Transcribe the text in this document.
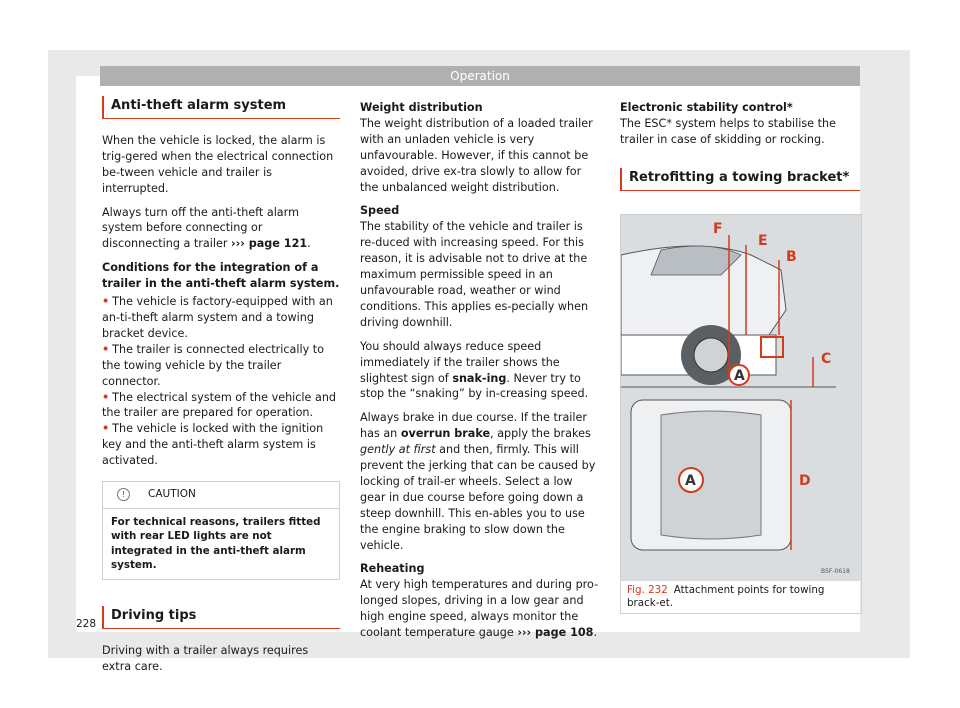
Operation
Anti-theft alarm system

When the vehicle is locked, the alarm is trig-gered when the electrical connection be-tween vehicle and trailer is interrupted.

Always turn off the anti-theft alarm system before connecting or disconnecting a trailer ››› page 121.

Conditions for the integration of a trailer in the anti-theft alarm system.

• The vehicle is factory-equipped with an an-ti-theft alarm system and a towing bracket device.

• The trailer is connected electrically to the towing vehicle by the trailer connector.

• The electrical system of the vehicle and the trailer are prepared for operation.

• The vehicle is locked with the ignition key and the anti-theft alarm system is activated.

!	CAUTION
For technical reasons, trailers fitted with rear LED lights are not integrated in the anti-theft alarm system.
Driving tips

Driving with a trailer always requires extra care.

Weight distribution

The weight distribution of a loaded trailer with an unladen vehicle is very unfavourable. However, if this cannot be avoided, drive ex-tra slowly to allow for the unbalanced weight distribution.

Speed

The stability of the vehicle and trailer is re-duced with increasing speed. For this reason, it is advisable not to drive at the maximum permissible speed in an unfavourable road, weather or wind conditions. This applies es-pecially when driving downhill.

You should always reduce speed immediately if the trailer shows the slightest sign of snak-ing. Never try to stop the “snaking” by in-creasing speed.

Always brake in due course. If the trailer has an overrun brake, apply the brakes gently at first and then, firmly. This will prevent the jerking that can be caused by locking of trail-er wheels. Select a low gear in due course before going down a steep downhill. This en-ables you to use the engine braking to slow down the vehicle.

Reheating

At very high temperatures and during pro-longed slopes, driving in a low gear and high engine speed, always monitor the coolant temperature gauge ››› page 108.

Electronic stability control*

The ESC* system helps to stabilise the trailer in case of skidding or rocking.

Retrofitting a towing bracket*
A
F
E
B
C
A	D
B5F-0618
Fig. 232 Attachment points for towing brack-et.
228
